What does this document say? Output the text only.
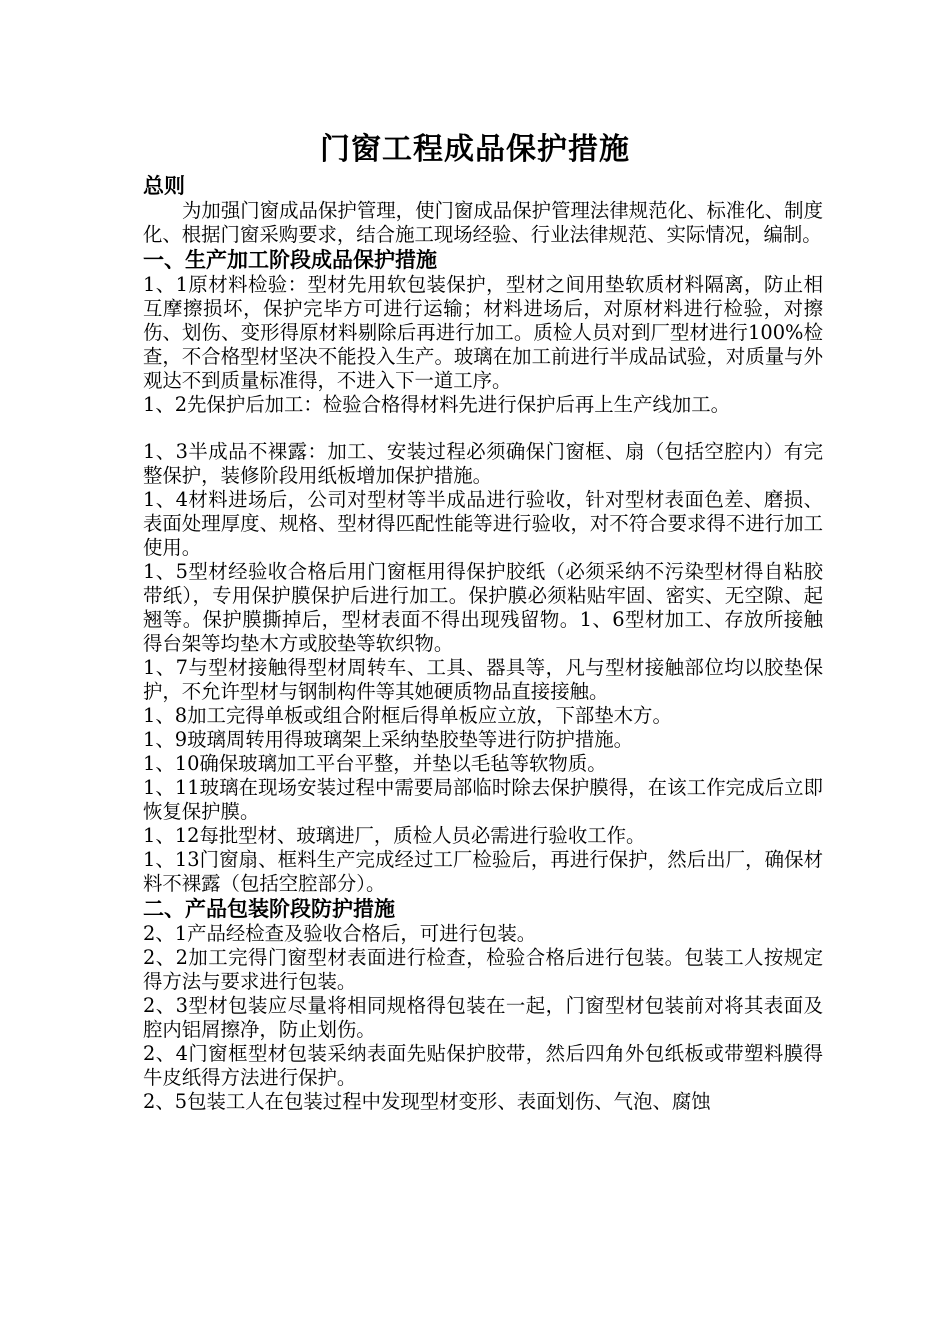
门窗工程成品保护措施

总则

为加强门窗成品保护管理，使门窗成品保护管理法律规范化、标准化、制度化、根据门窗采购要求，结合施工现场经验、行业法律规范、实际情况，编制。

一、生产加工阶段成品保护措施

1、1原材料检验：型材先用软包装保护，型材之间用垫软质材料隔离，防止相互摩擦损坏，保护完毕方可进行运输；材料进场后，对原材料进行检验，对擦伤、划伤、变形得原材料剔除后再进行加工。质检人员对到厂型材进行100%检查，不合格型材坚决不能投入生产。玻璃在加工前进行半成品试验，对质量与外观达不到质量标准得，不进入下一道工序。

1、2先保护后加工：检验合格得材料先进行保护后再上生产线加工。

1、3半成品不裸露：加工、安装过程必须确保门窗框、扇（包括空腔内）有完整保护，装修阶段用纸板增加保护措施。

1、4材料进场后，公司对型材等半成品进行验收，针对型材表面色差、磨损、表面处理厚度、规格、型材得匹配性能等进行验收，对不符合要求得不进行加工使用。

1、5型材经验收合格后用门窗框用得保护胶纸（必须采纳不污染型材得自粘胶带纸），专用保护膜保护后进行加工。保护膜必须粘贴牢固、密实、无空隙、起翘等。保护膜撕掉后，型材表面不得出现残留物。1、6型材加工、存放所接触得台架等均垫木方或胶垫等软织物。

1、7与型材接触得型材周转车、工具、器具等，凡与型材接触部位均以胶垫保护，不允许型材与钢制构件等其她硬质物品直接接触。

1、8加工完得单板或组合附框后得单板应立放，下部垫木方。

1、9玻璃周转用得玻璃架上采纳垫胶垫等进行防护措施。

1、10确保玻璃加工平台平整，并垫以毛毡等软物质。

1、11玻璃在现场安装过程中需要局部临时除去保护膜得，在该工作完成后立即恢复保护膜。

1、12每批型材、玻璃进厂，质检人员必需进行验收工作。

1、13门窗扇、框料生产完成经过工厂检验后，再进行保护，然后出厂，确保材料不裸露（包括空腔部分）。

二、产品包装阶段防护措施

2、1产品经检查及验收合格后，可进行包装。

2、2加工完得门窗型材表面进行检查，检验合格后进行包装。包装工人按规定得方法与要求进行包装。

2、3型材包装应尽量将相同规格得包装在一起，门窗型材包装前对将其表面及腔内铝屑擦净，防止划伤。

2、4门窗框型材包装采纳表面先贴保护胶带，然后四角外包纸板或带塑料膜得牛皮纸得方法进行保护。

2、5包装工人在包装过程中发现型材变形、表面划伤、气泡、腐蚀
